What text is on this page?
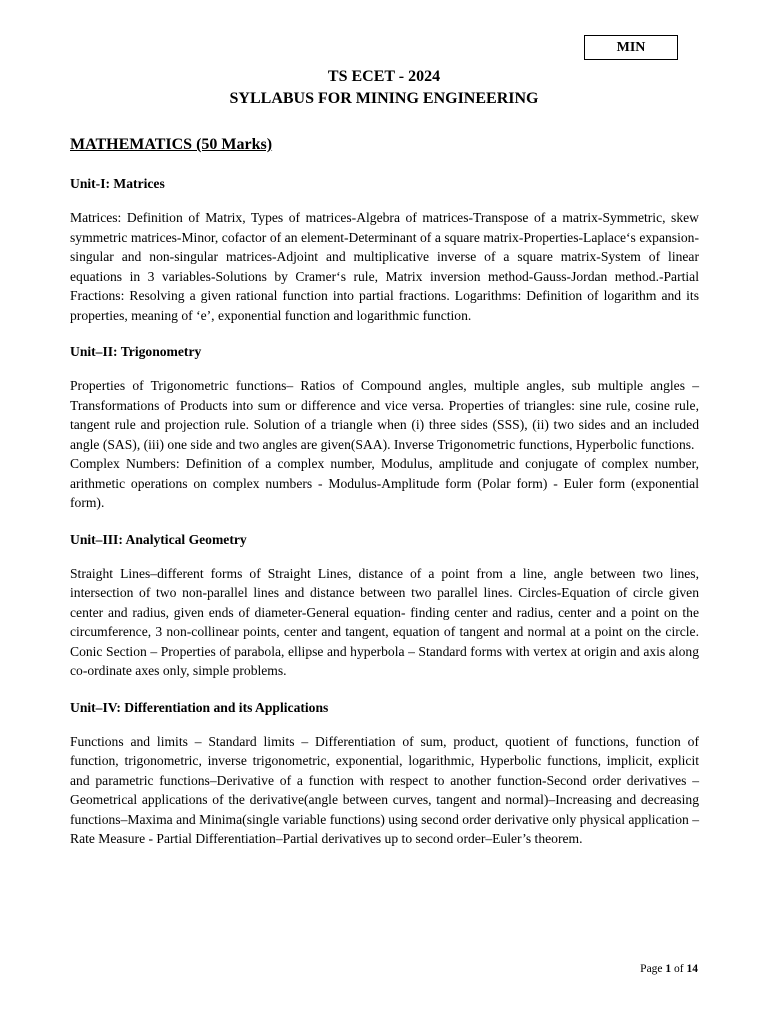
MIN
TS ECET - 2024
SYLLABUS FOR MINING ENGINEERING
MATHEMATICS (50 Marks)
Unit-I: Matrices

Matrices: Definition of Matrix, Types of matrices-Algebra of matrices-Transpose of a matrix-Symmetric, skew symmetric matrices-Minor, cofactor of an element-Determinant of a square matrix-Properties-Laplace‘s expansion-singular and non-singular matrices-Adjoint and multiplicative inverse of a square matrix-System of linear equations in 3 variables-Solutions by Cramer‘s rule, Matrix inversion method-Gauss-Jordan method.-Partial Fractions: Resolving a given rational function into partial fractions. Logarithms: Definition of logarithm and its properties, meaning of ‘e’, exponential function and logarithmic function.

Unit–II: Trigonometry

Properties of Trigonometric functions– Ratios of Compound angles, multiple angles, sub multiple angles – Transformations of Products into sum or difference and vice versa. Properties of triangles: sine rule, cosine rule, tangent rule and projection rule. Solution of a triangle when (i) three sides (SSS), (ii) two sides and an included angle (SAS), (iii) one side and two angles are given(SAA). Inverse Trigonometric functions, Hyperbolic functions.

Complex Numbers: Definition of a complex number, Modulus, amplitude and conjugate of complex number, arithmetic operations on complex numbers - Modulus-Amplitude form (Polar form) - Euler form (exponential form).

Unit–III: Analytical Geometry

Straight Lines–different forms of Straight Lines, distance of a point from a line, angle between two lines, intersection of two non-parallel lines and distance between two parallel lines. Circles-Equation of circle given center and radius, given ends of diameter-General equation- finding center and radius, center and a point on the circumference, 3 non-collinear points, center and tangent, equation of tangent and normal at a point on the circle. Conic Section – Properties of parabola, ellipse and hyperbola – Standard forms with vertex at origin and axis along co-ordinate axes only, simple problems.

Unit–IV: Differentiation and its Applications

Functions and limits – Standard limits – Differentiation of sum, product, quotient of functions, function of function, trigonometric, inverse trigonometric, exponential, logarithmic, Hyperbolic functions, implicit, explicit and parametric functions–Derivative of a function with respect to another function-Second order derivatives – Geometrical applications of the derivative(angle between curves, tangent and normal)–Increasing and decreasing functions–Maxima and Minima(single variable functions) using second order derivative only physical application – Rate Measure - Partial Differentiation–Partial derivatives up to second order–Euler’s theorem.

Page 1 of 14
